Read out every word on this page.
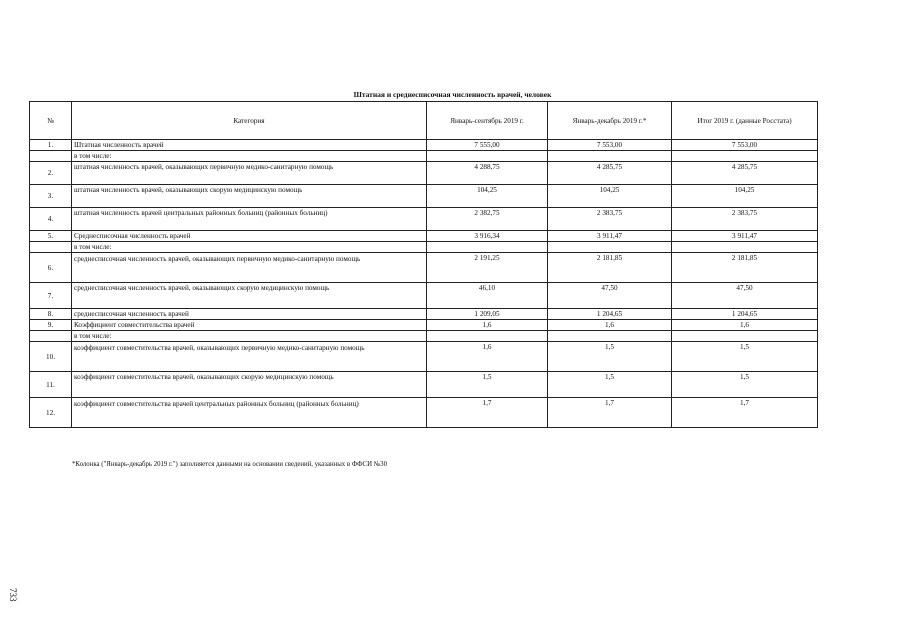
Штатная и среднесписочная численность врачей, человек
№	Категория	Январь-сентябрь 2019 г.	Январь-декабрь 2019 г.*	Итог 2019 г. (данные Росстата)
1.	Штатная численность врачей	7 555,00	7 553,00	7 553,00
	в том числе:			
2.	штатная численность врачей, оказывающих первичную медико-санитарную помощь	4 288,75	4 285,75	4 285,75
3.	штатная численность врачей, оказывающих скорую медицинскую помощь	104,25	104,25	104,25
4.	штатная численность врачей центральных районных больниц (районных больниц)	2 382,75	2 383,75	2 383,75
5.	Среднесписочная численность врачей	3 916,34	3 911,47	3 911,47
	в том числе:			
6.	среднесписочная численность врачей, оказывающих первичную медико-санитарную помощь	2 191,25	2 181,85	2 181,85
7.	среднесписочная численность врачей, оказывающих скорую медицинскую помощь	46,10	47,50	47,50
8.	среднесписочная численность врачей	1 209,05	1 204,65	1 204,65
9.	Коэффициент совместительства врачей	1,6	1,6	1,6
	в том числе:			
10.	коэффициент совместительства врачей, оказывающих первичную медико-санитарную помощь	1,6	1,5	1,5
11.	коэффициент совместительства врачей, оказывающих скорую медицинскую помощь	1,5	1,5	1,5
12.	коэффициент совместительства врачей центральных районных больниц (районных больниц)	1,7	1,7	1,7
*Колонка ("Январь-декабрь 2019 г.") заполняется данными на основании сведений, указанных в ФФСИ №30
733
